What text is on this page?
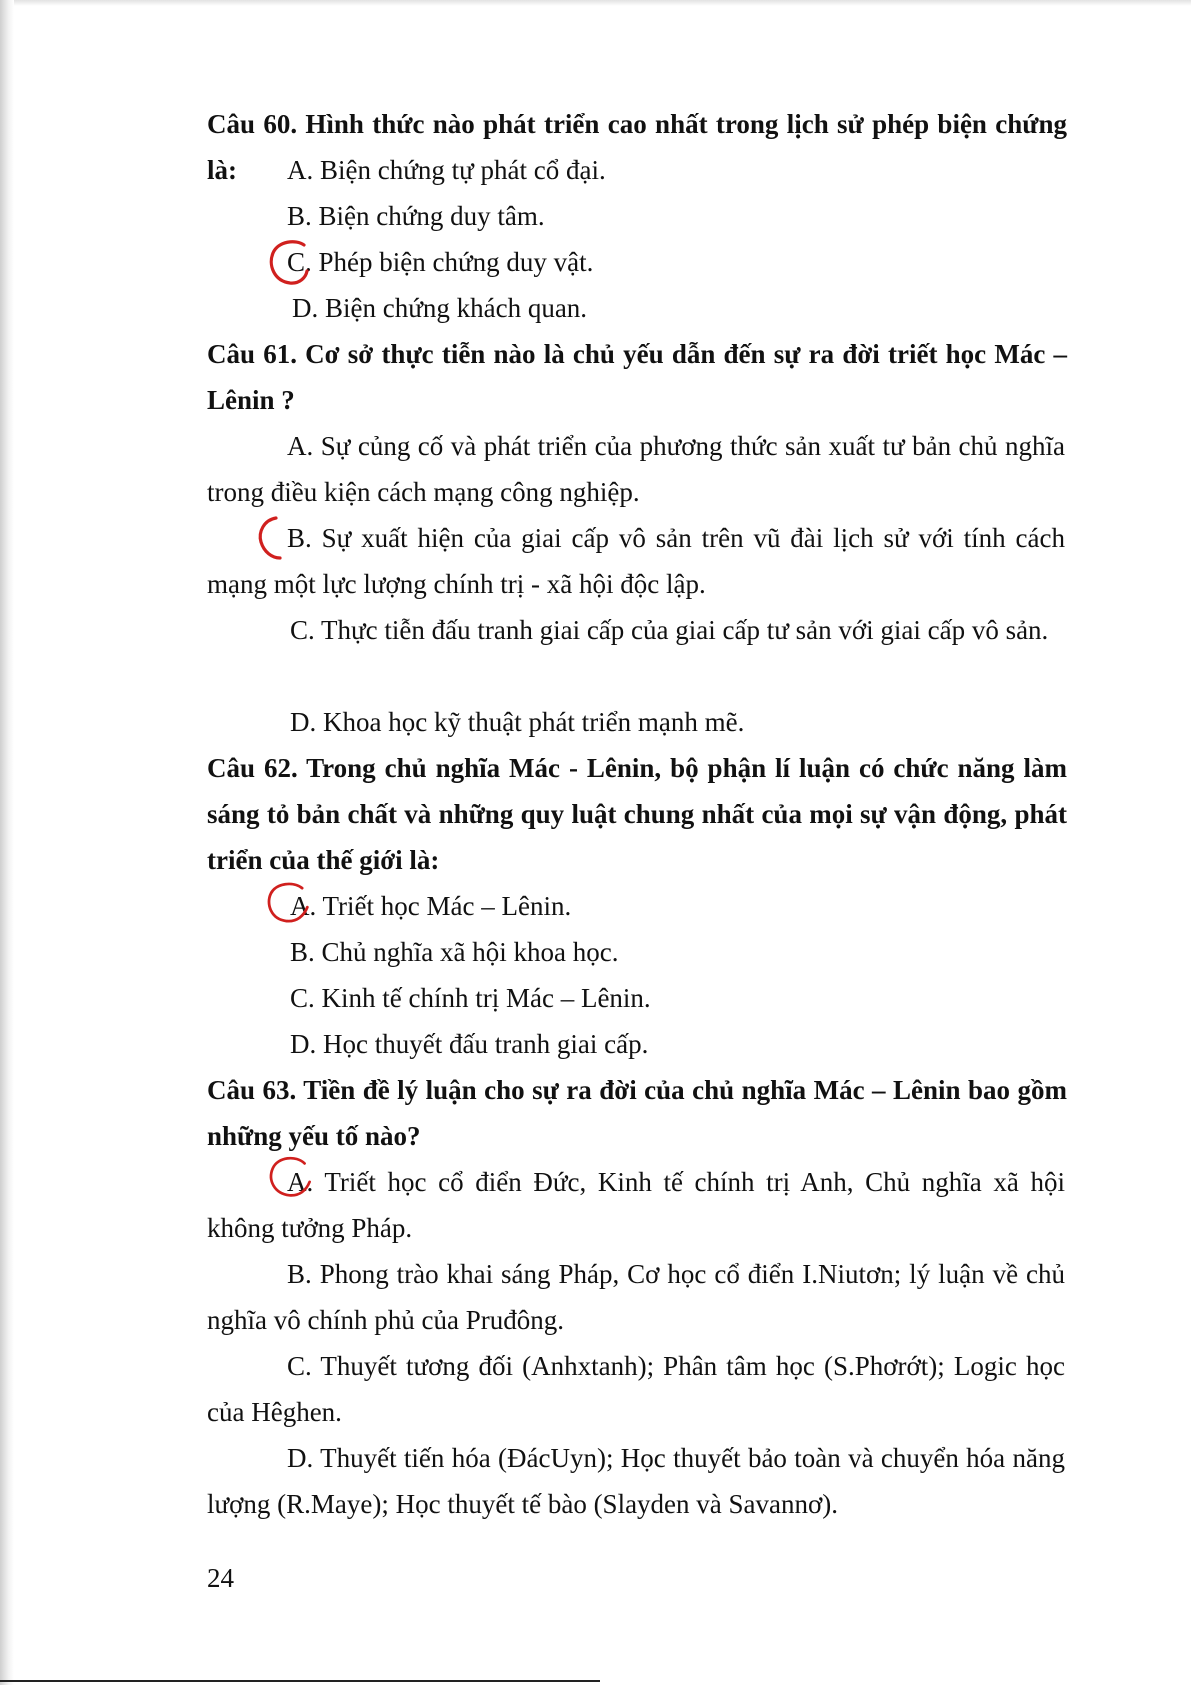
Câu 60. Hình thức nào phát triển cao nhất trong lịch sử phép biện chứng là:	A. Biện chứng tự phát cổ đại.
B. Biện chứng duy tâm.
C. Phép biện chứng duy vật.
D. Biện chứng khách quan.
Câu 61. Cơ sở thực tiễn nào là chủ yếu dẫn đến sự ra đời triết học Mác – Lênin ?
A. Sự củng cố và phát triển của phương thức sản xuất tư bản chủ nghĩa trong điều kiện cách mạng công nghiệp.
B. Sự xuất hiện của giai cấp vô sản trên vũ đài lịch sử với tính cách mạng một lực lượng chính trị - xã hội độc lập.
C. Thực tiễn đấu tranh giai cấp của giai cấp tư sản với giai cấp vô sản.
D. Khoa học kỹ thuật phát triển mạnh mẽ.
Câu 62. Trong chủ nghĩa Mác - Lênin, bộ phận lí luận có chức năng làm sáng tỏ bản chất và những quy luật chung nhất của mọi sự vận động, phát triển của thế giới là:
A. Triết học Mác – Lênin.
B. Chủ nghĩa xã hội khoa học.
C. Kinh tế chính trị Mác – Lênin.
D. Học thuyết đấu tranh giai cấp.
Câu 63. Tiền đề lý luận cho sự ra đời của chủ nghĩa Mác – Lênin bao gồm những yếu tố nào?
A. Triết học cổ điển Đức, Kinh tế chính trị Anh, Chủ nghĩa xã hội không tưởng Pháp.
B. Phong trào khai sáng Pháp, Cơ học cổ điển I.Niutơn; lý luận về chủ nghĩa vô chính phủ của Pruđông.
C. Thuyết tương đối (Anhxtanh); Phân tâm học (S.Phơrớt); Logic học của Hêghen.
D. Thuyết tiến hóa (ĐácUyn); Học thuyết bảo toàn và chuyển hóa năng lượng (R.Maye); Học thuyết tế bào (Slayden và Savannơ).
24
